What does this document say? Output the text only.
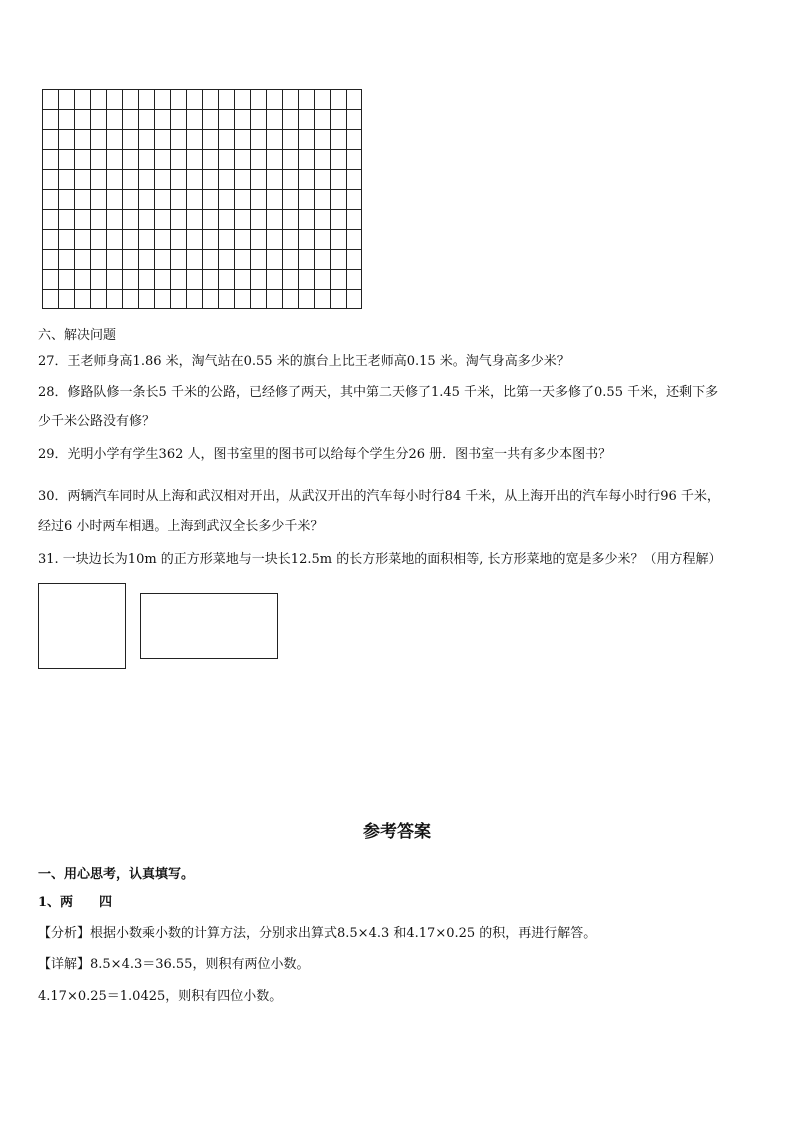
六、解决问题
27．王老师身高1.86 米，淘气站在0.55 米的旗台上比王老师高0.15 米。淘气身高多少米？
28．修路队修一条长5 千米的公路，已经修了两天，其中第二天修了1.45 千米，比第一天多修了0.55 千米，还剩下多
少千米公路没有修？
29．光明小学有学生362 人，图书室里的图书可以给每个学生分26 册．图书室一共有多少本图书？
30．两辆汽车同时从上海和武汉相对开出，从武汉开出的汽车每小时行84 千米，从上海开出的汽车每小时行96 千米，
经过6 小时两车相遇。上海到武汉全长多少千米？
31. 一块边长为10m 的正方形菜地与一块长12.5m 的长方形菜地的面积相等, 长方形菜地的宽是多少米？（用方程解）
参考答案
一、用心思考，认真填写。
1、两　　四
【分析】根据小数乘小数的计算方法，分别求出算式8.5×4.3 和4.17×0.25 的积，再进行解答。
【详解】8.5×4.3＝36.55，则积有两位小数。
4.17×0.25＝1.0425，则积有四位小数。
